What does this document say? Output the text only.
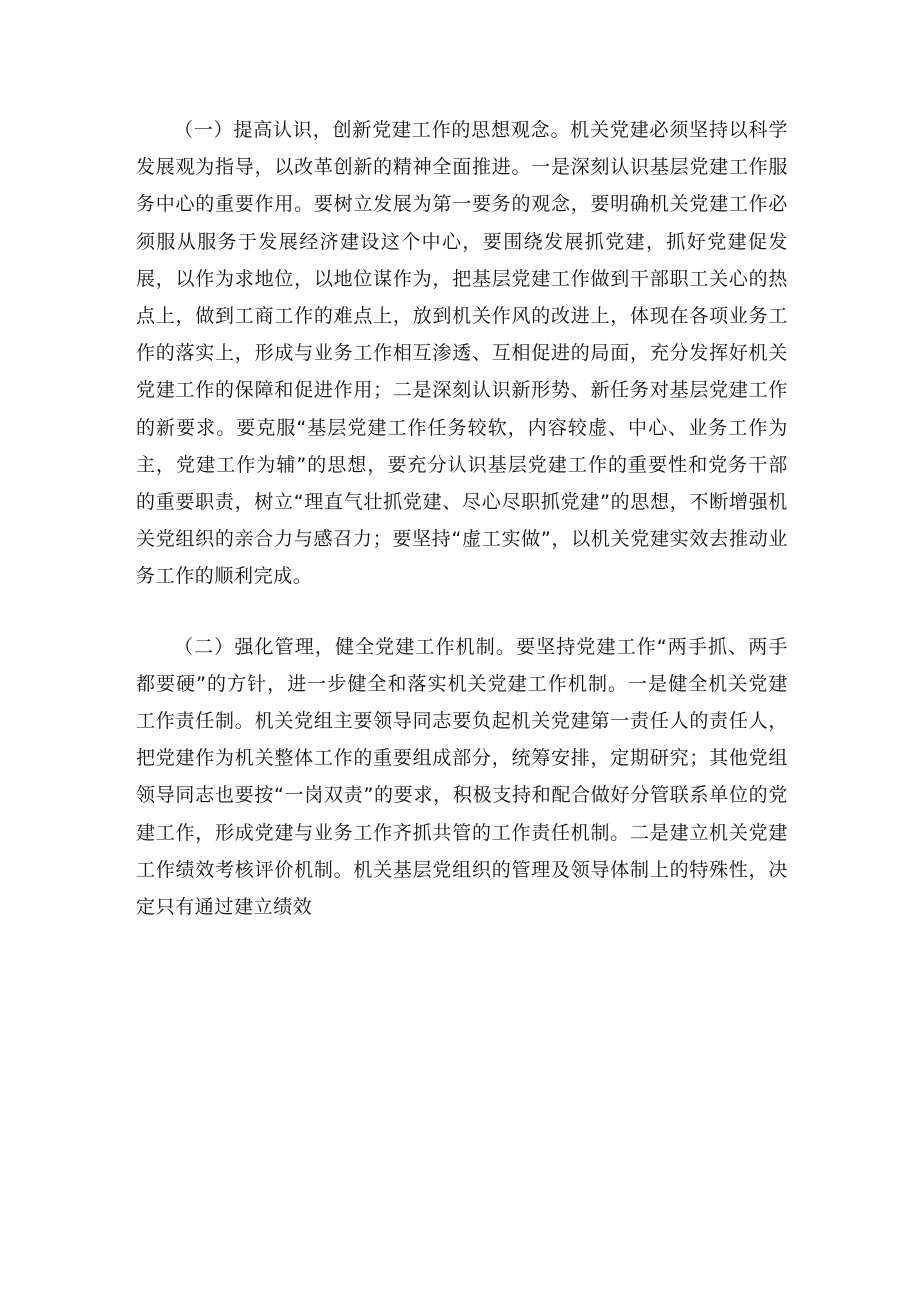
（一）提高认识，创新党建工作的思想观念。机关党建必须坚持以科学发展观为指导，以改革创新的精神全面推进。一是深刻认识基层党建工作服务中心的重要作用。要树立发展为第一要务的观念，要明确机关党建工作必须服从服务于发展经济建设这个中心，要围绕发展抓党建，抓好党建促发展，以作为求地位，以地位谋作为，把基层党建工作做到干部职工关心的热点上，做到工商工作的难点上，放到机关作风的改进上，体现在各项业务工作的落实上，形成与业务工作相互渗透、互相促进的局面，充分发挥好机关党建工作的保障和促进作用；二是深刻认识新形势、新任务对基层党建工作的新要求。要克服“基层党建工作任务较软，内容较虚、中心、业务工作为主，党建工作为辅”的思想，要充分认识基层党建工作的重要性和党务干部的重要职责，树立“理直气壮抓党建、尽心尽职抓党建”的思想，不断增强机关党组织的亲合力与感召力；要坚持“虚工实做”，以机关党建实效去推动业务工作的顺利完成。

（二）强化管理，健全党建工作机制。要坚持党建工作“两手抓、两手都要硬”的方针，进一步健全和落实机关党建工作机制。一是健全机关党建工作责任制。机关党组主要领导同志要负起机关党建第一责任人的责任人，把党建作为机关整体工作的重要组成部分，统筹安排，定期研究；其他党组领导同志也要按“一岗双责”的要求，积极支持和配合做好分管联系单位的党建工作，形成党建与业务工作齐抓共管的工作责任机制。二是建立机关党建工作绩效考核评价机制。机关基层党组织的管理及领导体制上的特殊性，决定只有通过建立绩效
